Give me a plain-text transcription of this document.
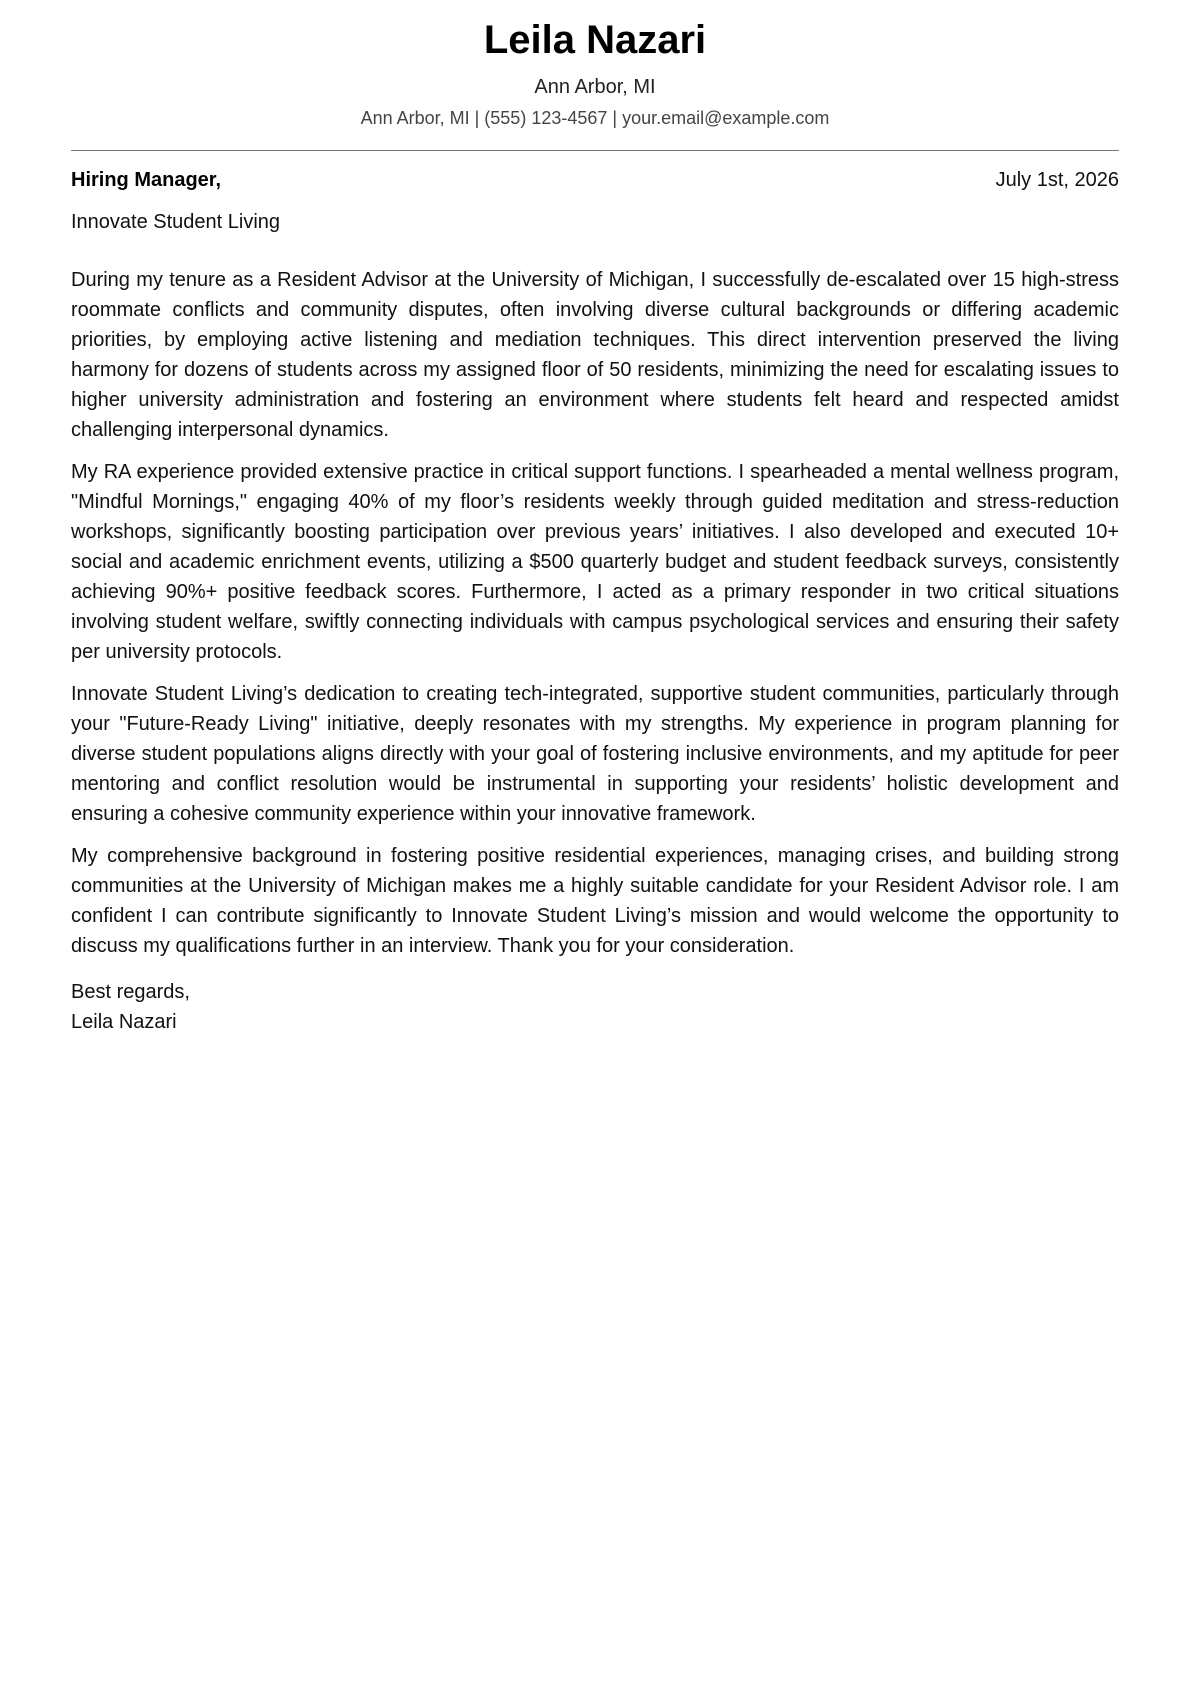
Leila Nazari
Ann Arbor, MI
Ann Arbor, MI | (555) 123-4567 | your.email@example.com
Hiring Manager,	July 1st, 2026
Innovate Student Living

During my tenure as a Resident Advisor at the University of Michigan, I successfully de-escalated over 15 high-stress roommate conflicts and community disputes, often involving diverse cultural backgrounds or differing academic priorities, by employing active listening and mediation techniques. This direct intervention preserved the living harmony for dozens of students across my assigned floor of 50 residents, minimizing the need for escalating issues to higher university administration and fostering an environment where students felt heard and respected amidst challenging interpersonal dynamics.

My RA experience provided extensive practice in critical support functions. I spearheaded a mental wellness program, "Mindful Mornings," engaging 40% of my floor’s residents weekly through guided meditation and stress-reduction workshops, significantly boosting participation over previous years’ initiatives. I also developed and executed 10+ social and academic enrichment events, utilizing a $500 quarterly budget and student feedback surveys, consistently achieving 90%+ positive feedback scores. Furthermore, I acted as a primary responder in two critical situations involving student welfare, swiftly connecting individuals with campus psychological services and ensuring their safety per university protocols.

Innovate Student Living’s dedication to creating tech-integrated, supportive student communities, particularly through your "Future-Ready Living" initiative, deeply resonates with my strengths. My experience in program planning for diverse student populations aligns directly with your goal of fostering inclusive environments, and my aptitude for peer mentoring and conflict resolution would be instrumental in supporting your residents’ holistic development and ensuring a cohesive community experience within your innovative framework.

My comprehensive background in fostering positive residential experiences, managing crises, and building strong communities at the University of Michigan makes me a highly suitable candidate for your Resident Advisor role. I am confident I can contribute significantly to Innovate Student Living’s mission and would welcome the opportunity to discuss my qualifications further in an interview. Thank you for your consideration.

Best regards,
Leila Nazari
